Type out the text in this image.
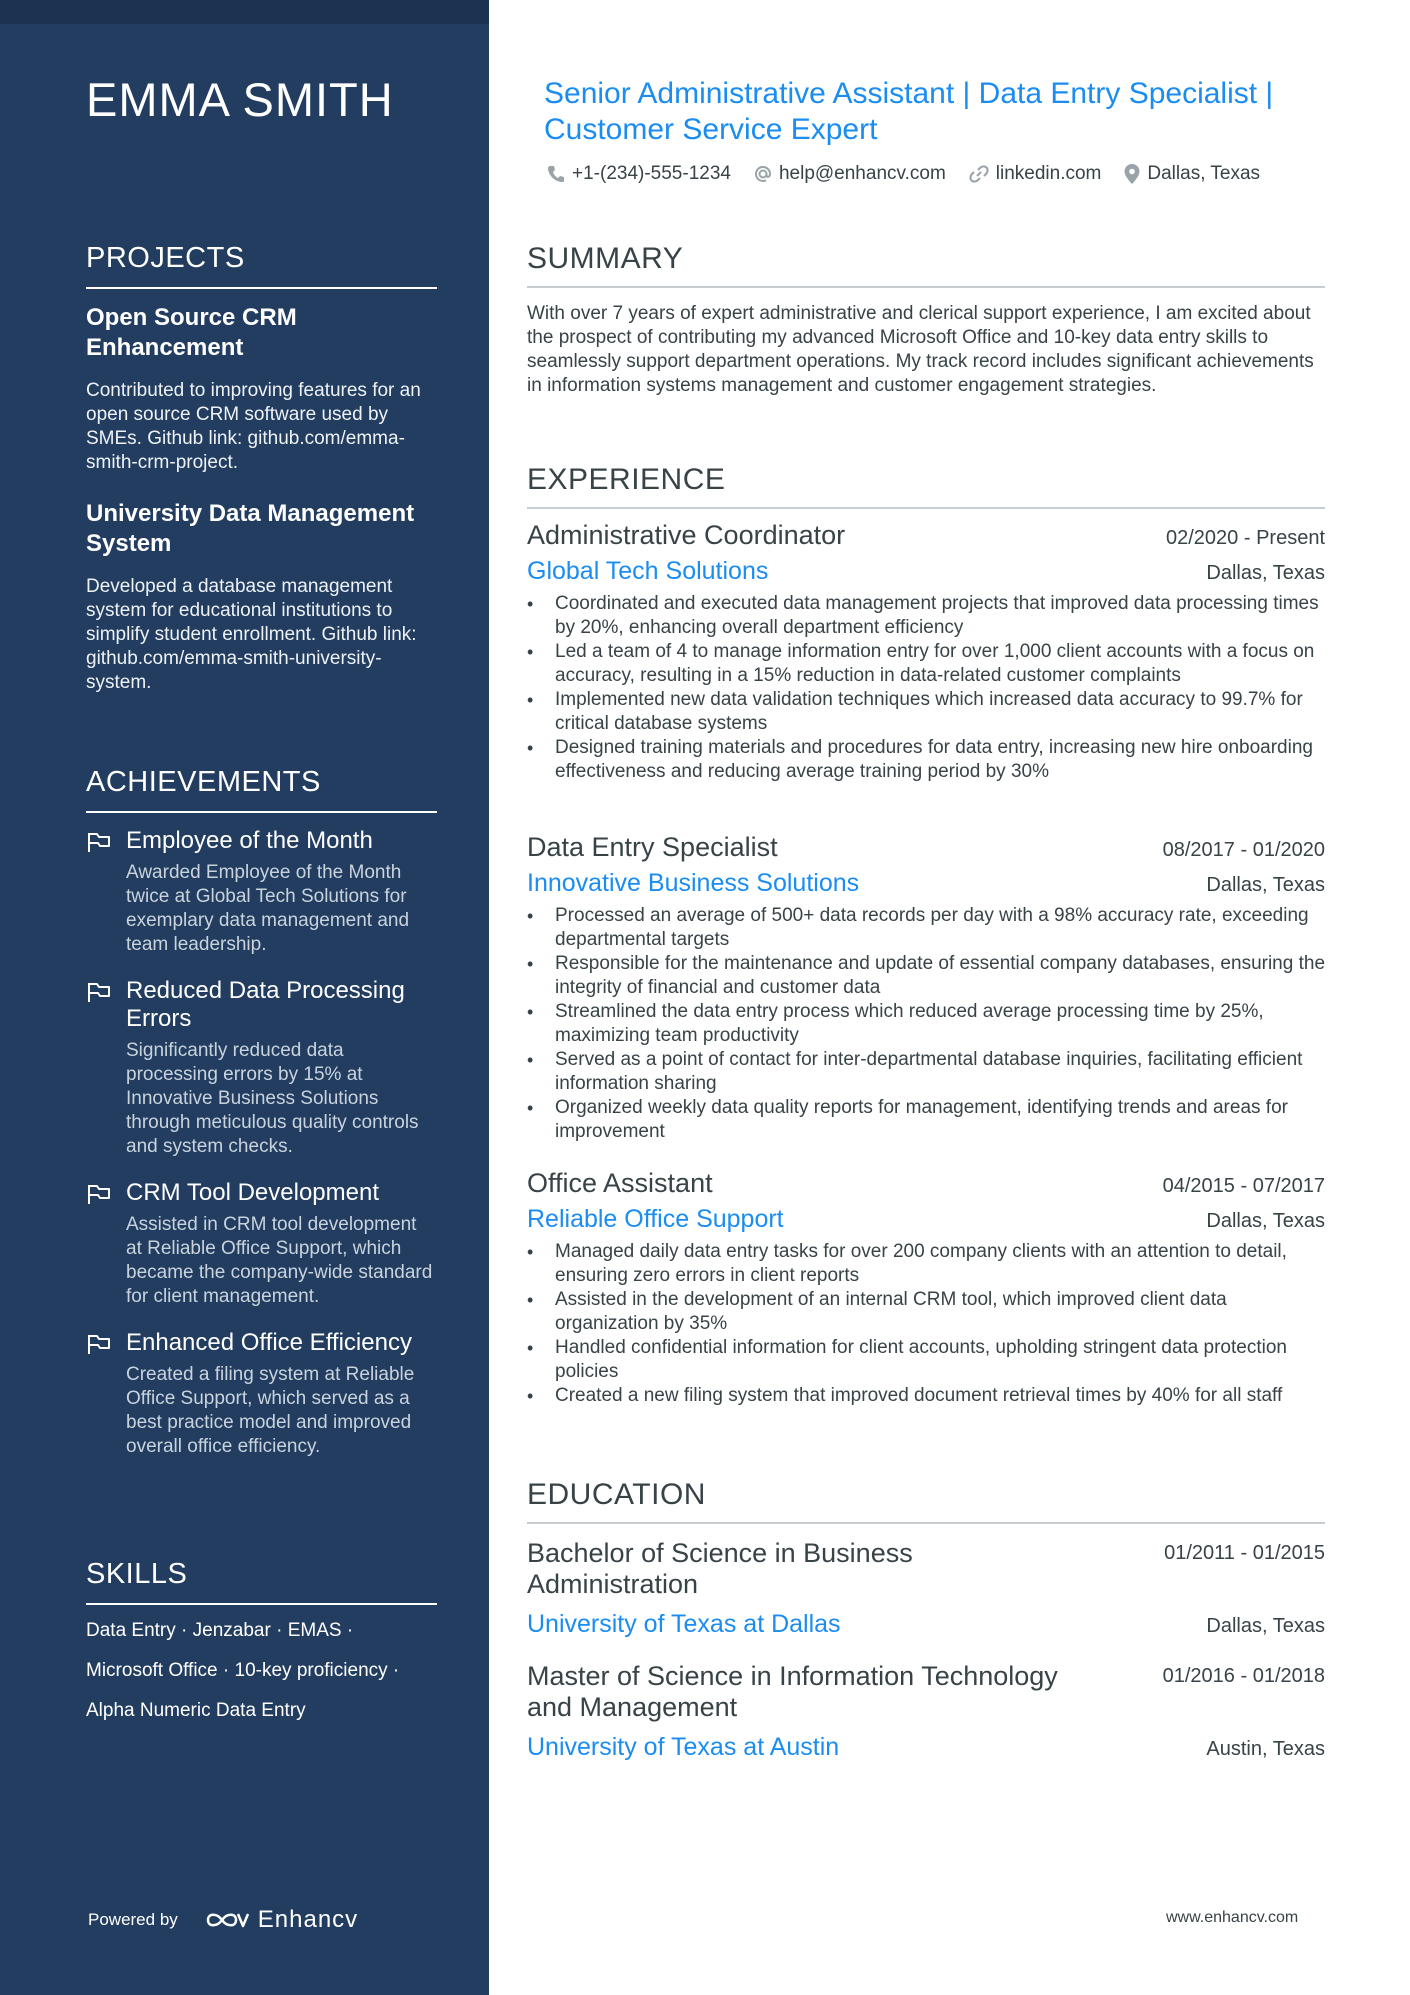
EMMA SMITH
PROJECTS
Open Source CRM Enhancement
Contributed to improving features for an open source CRM software used by SMEs. Github link: github.com/emma-smith-crm-project.
University Data Management System
Developed a database management system for educational institutions to simplify student enrollment. Github link: github.com/emma-smith-university-system.
ACHIEVEMENTS
Employee of the Month
Awarded Employee of the Month twice at Global Tech Solutions for exemplary data management and team leadership.
Reduced Data Processing Errors
Significantly reduced data processing errors by 15% at Innovative Business Solutions through meticulous quality controls and system checks.
CRM Tool Development
Assisted in CRM tool development at Reliable Office Support, which became the company-wide standard for client management.
Enhanced Office Efficiency
Created a filing system at Reliable Office Support, which served as a best practice model and improved overall office efficiency.
SKILLS
Data Entry · Jenzabar · EMAS ·
Microsoft Office · 10-key proficiency ·
Alpha Numeric Data Entry
Powered by	Enhancv
Senior Administrative Assistant | Data Entry Specialist | Customer Service Expert
+1-(234)-555-1234	help@enhancv.com	linkedin.com Dallas, Texas
SUMMARY
With over 7 years of expert administrative and clerical support experience, I am excited about the prospect of contributing my advanced Microsoft Office and 10-key data entry skills to seamlessly support department operations. My track record includes significant achievements in information systems management and customer engagement strategies.
EXPERIENCE
Administrative Coordinator	02/2020 - Present
Global Tech Solutions	Dallas, Texas
• Coordinated and executed data management projects that improved data processing times by 20%, enhancing overall department efficiency
• Led a team of 4 to manage information entry for over 1,000 client accounts with a focus on accuracy, resulting in a 15% reduction in data-related customer complaints
• Implemented new data validation techniques which increased data accuracy to 99.7% for critical database systems
• Designed training materials and procedures for data entry, increasing new hire onboarding effectiveness and reducing average training period by 30%
Data Entry Specialist	08/2017 - 01/2020
Innovative Business Solutions	Dallas, Texas
• Processed an average of 500+ data records per day with a 98% accuracy rate, exceeding departmental targets
• Responsible for the maintenance and update of essential company databases, ensuring the integrity of financial and customer data
• Streamlined the data entry process which reduced average processing time by 25%, maximizing team productivity
• Served as a point of contact for inter-departmental database inquiries, facilitating efficient information sharing
• Organized weekly data quality reports for management, identifying trends and areas for improvement
Office Assistant	04/2015 - 07/2017
Reliable Office Support	Dallas, Texas
• Managed daily data entry tasks for over 200 company clients with an attention to detail, ensuring zero errors in client reports
• Assisted in the development of an internal CRM tool, which improved client data organization by 35%
• Handled confidential information for client accounts, upholding stringent data protection policies
• Created a new filing system that improved document retrieval times by 40% for all staff
EDUCATION
Bachelor of Science in Business Administration
01/2011 - 01/2015
University of Texas at Dallas	Dallas, Texas
Master of Science in Information Technology and Management
01/2016 - 01/2018
University of Texas at Austin	Austin, Texas
www.enhancv.com
